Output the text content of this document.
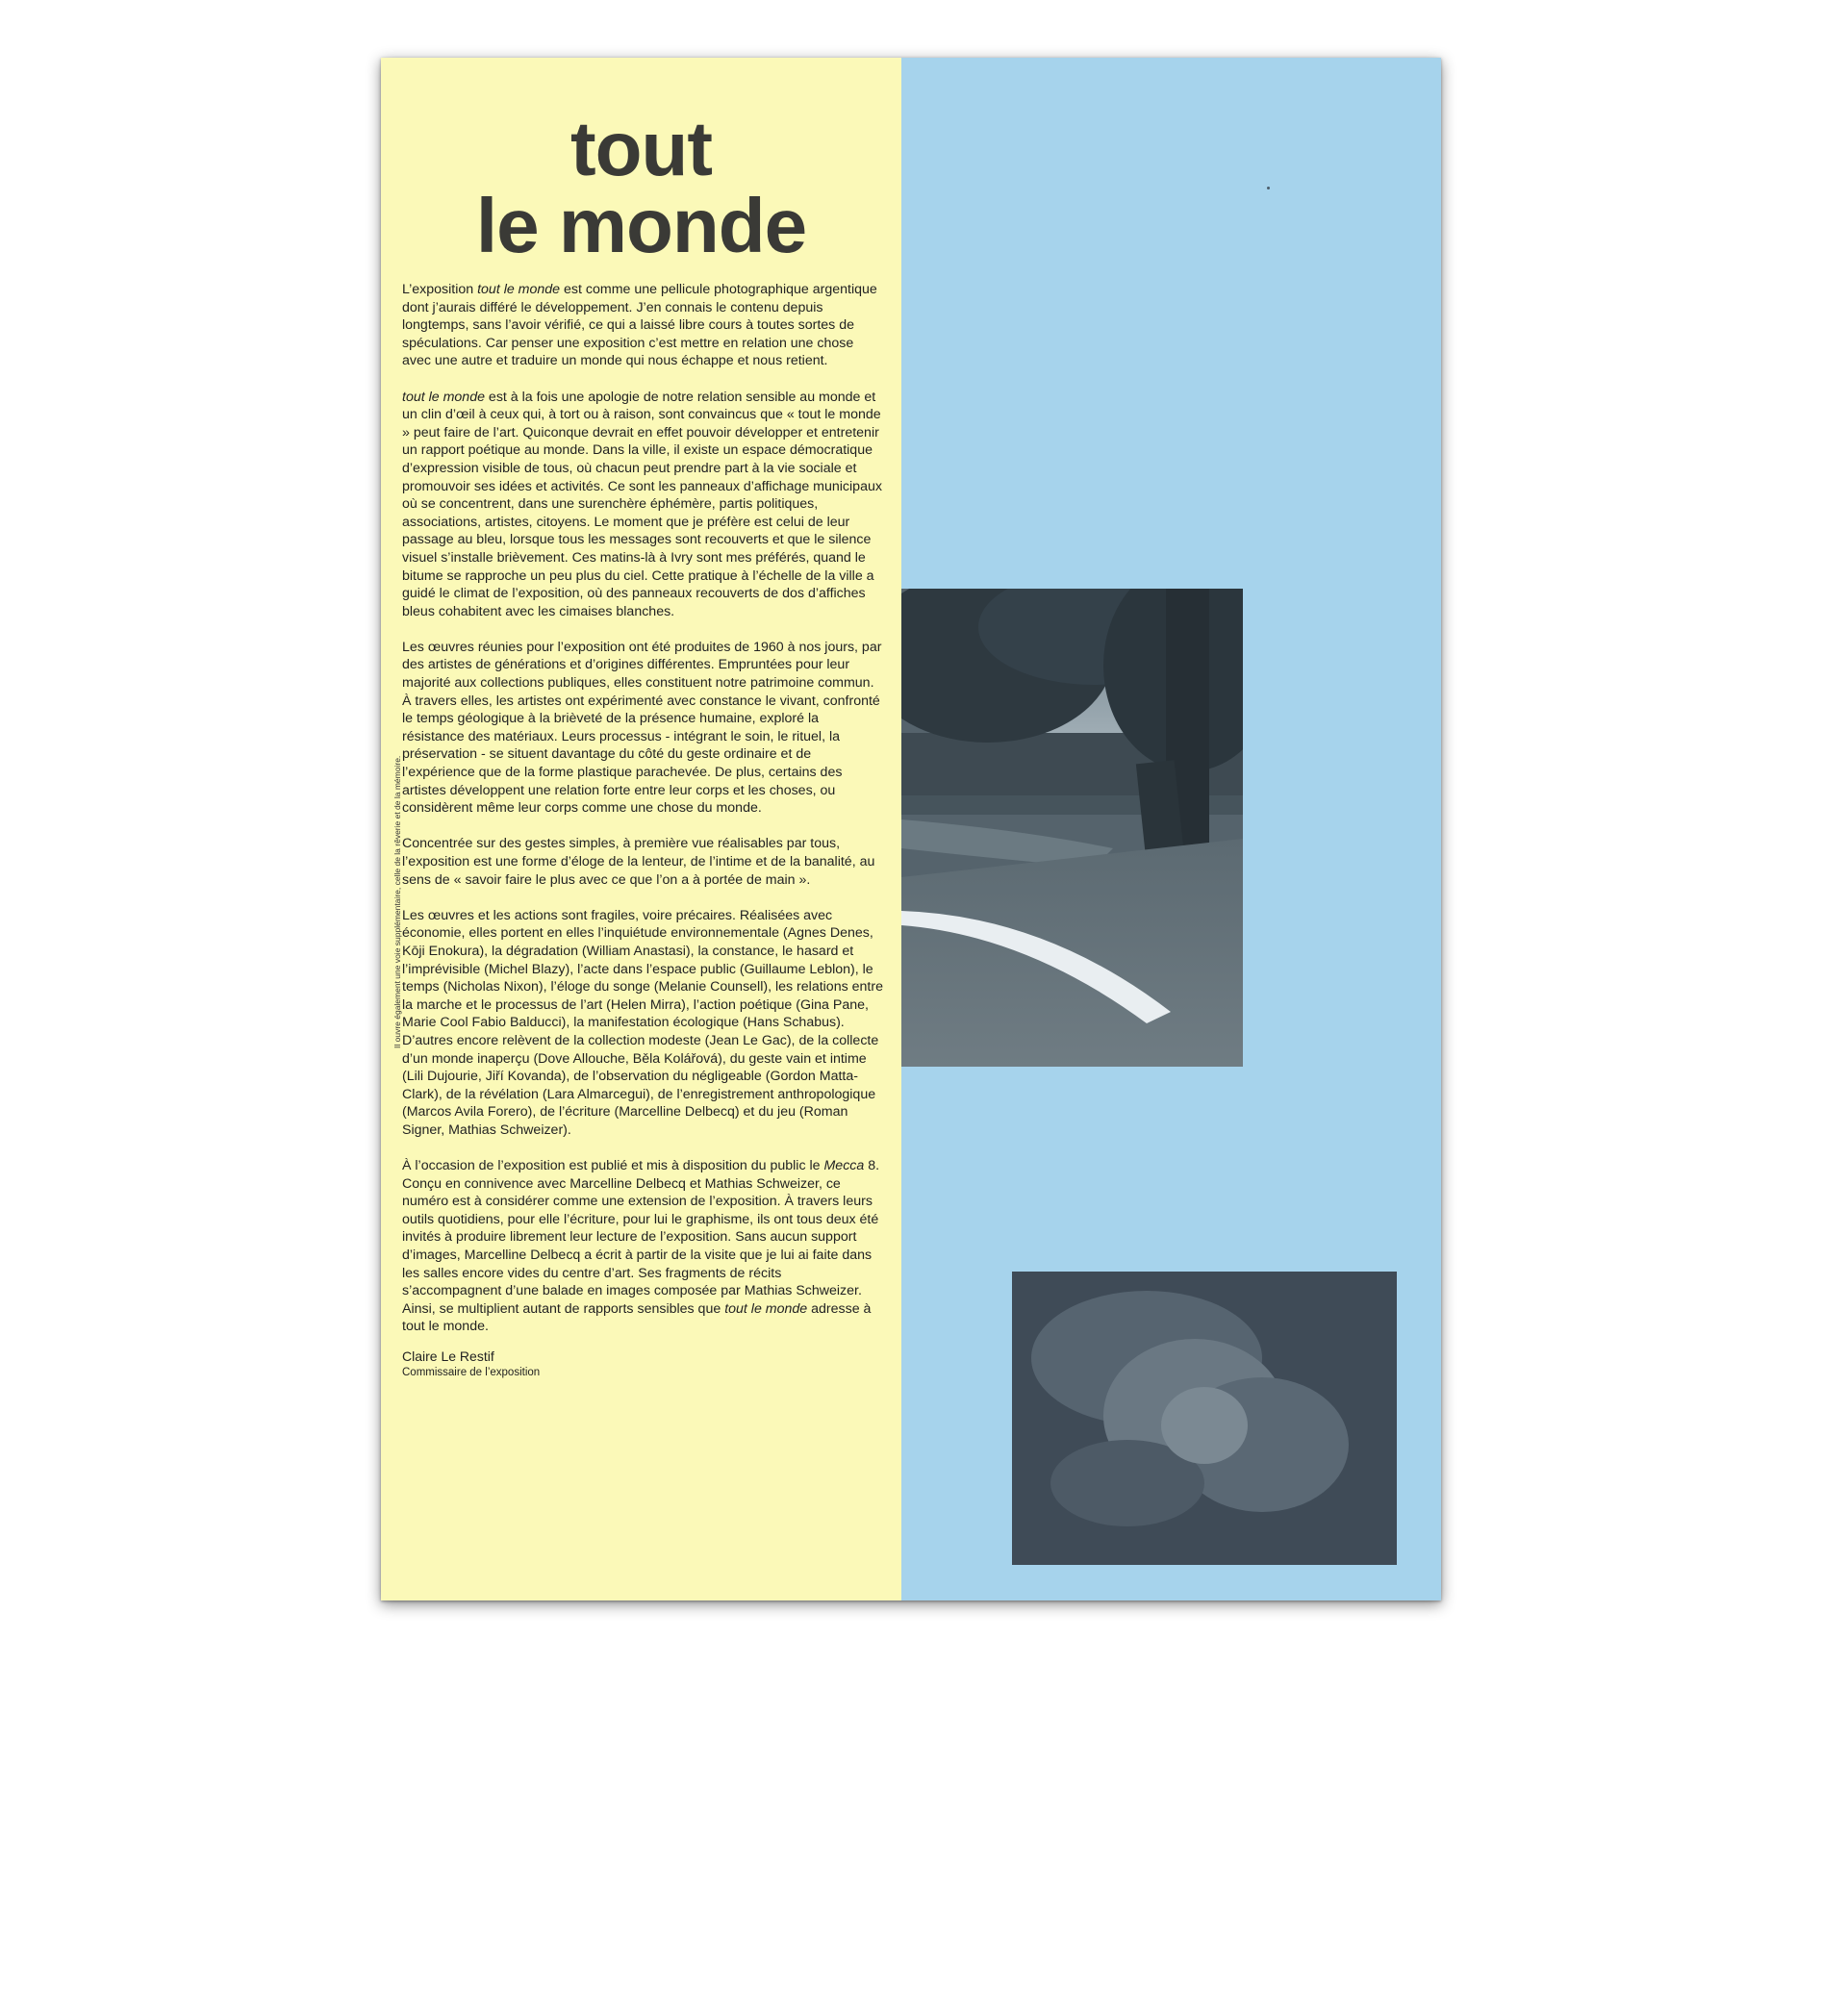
tout
le monde
Il ouvre également une voie supplémentaire, celle de la rêverie et de la mémoire.

L’exposition tout le monde est comme une pellicule photographique argentique dont j’aurais différé le développement. J’en connais le contenu depuis longtemps, sans l’avoir vérifié, ce qui a laissé libre cours à toutes sortes de spéculations. Car penser une exposition c’est mettre en relation une chose avec une autre et traduire un monde qui nous échappe et nous retient.

tout le monde est à la fois une apologie de notre relation sensible au monde et un clin d’œil à ceux qui, à tort ou à raison, sont convaincus que « tout le monde » peut faire de l’art. Quiconque devrait en effet pouvoir développer et entretenir un rapport poétique au monde. Dans la ville, il existe un espace démocratique d’expression visible de tous, où chacun peut prendre part à la vie sociale et promouvoir ses idées et activités. Ce sont les panneaux d’affichage municipaux où se concentrent, dans une surenchère éphémère, partis politiques, associations, artistes, citoyens. Le moment que je préfère est celui de leur passage au bleu, lorsque tous les messages sont recouverts et que le silence visuel s’installe brièvement. Ces matins-là à Ivry sont mes préférés, quand le bitume se rapproche un peu plus du ciel. Cette pratique à l’échelle de la ville a guidé le climat de l’exposition, où des panneaux recouverts de dos d’affiches bleus cohabitent avec les cimaises blanches.

Les œuvres réunies pour l’exposition ont été produites de 1960 à nos jours, par des artistes de générations et d’origines différentes. Empruntées pour leur majorité aux collections publiques, elles constituent notre patrimoine commun. À travers elles, les artistes ont expérimenté avec constance le vivant, confronté le temps géologique à la brièveté de la présence humaine, exploré la résistance des matériaux. Leurs processus - intégrant le soin, le rituel, la préservation - se situent davantage du côté du geste ordinaire et de l’expérience que de la forme plastique parachevée. De plus, certains des artistes développent une relation forte entre leur corps et les choses, ou considèrent même leur corps comme une chose du monde.

Concentrée sur des gestes simples, à première vue réalisables par tous, l’exposition est une forme d’éloge de la lenteur, de l’intime et de la banalité, au sens de « savoir faire le plus avec ce que l’on a à portée de main ».

Les œuvres et les actions sont fragiles, voire précaires. Réalisées avec économie, elles portent en elles l’inquiétude environnementale (Agnes Denes, Kōji Enokura), la dégradation (William Anastasi), la constance, le hasard et l’imprévisible (Michel Blazy), l’acte dans l’espace public (Guillaume Leblon), le temps (Nicholas Nixon), l’éloge du songe (Melanie Counsell), les relations entre la marche et le processus de l’art (Helen Mirra), l’action poétique (Gina Pane, Marie Cool Fabio Balducci), la manifestation écologique (Hans Schabus). D’autres encore relèvent de la collection modeste (Jean Le Gac), de la collecte d’un monde inaperçu (Dove Allouche, Běla Kolářová), du geste vain et intime (Lili Dujourie, Jiří Kovanda), de l’observation du négligeable (Gordon Matta-Clark), de la révélation (Lara Almarcegui), de l’enregistrement anthropologique (Marcos Avila Forero), de l’écriture (Marcelline Delbecq) et du jeu (Roman Signer, Mathias Schweizer).

À l’occasion de l’exposition est publié et mis à disposition du public le Mecca 8. Conçu en connivence avec Marcelline Delbecq et Mathias Schweizer, ce numéro est à considérer comme une extension de l’exposition. À travers leurs outils quotidiens, pour elle l’écriture, pour lui le graphisme, ils ont tous deux été invités à produire librement leur lecture de l’exposition. Sans aucun support d’images, Marcelline Delbecq a écrit à partir de la visite que je lui ai faite dans les salles encore vides du centre d’art. Ses fragments de récits s’accompagnent d’une balade en images composée par Mathias Schweizer. Ainsi, se multiplient autant de rapports sensibles que tout le monde adresse à tout le monde.

Claire Le Restif
Commissaire de l’exposition
